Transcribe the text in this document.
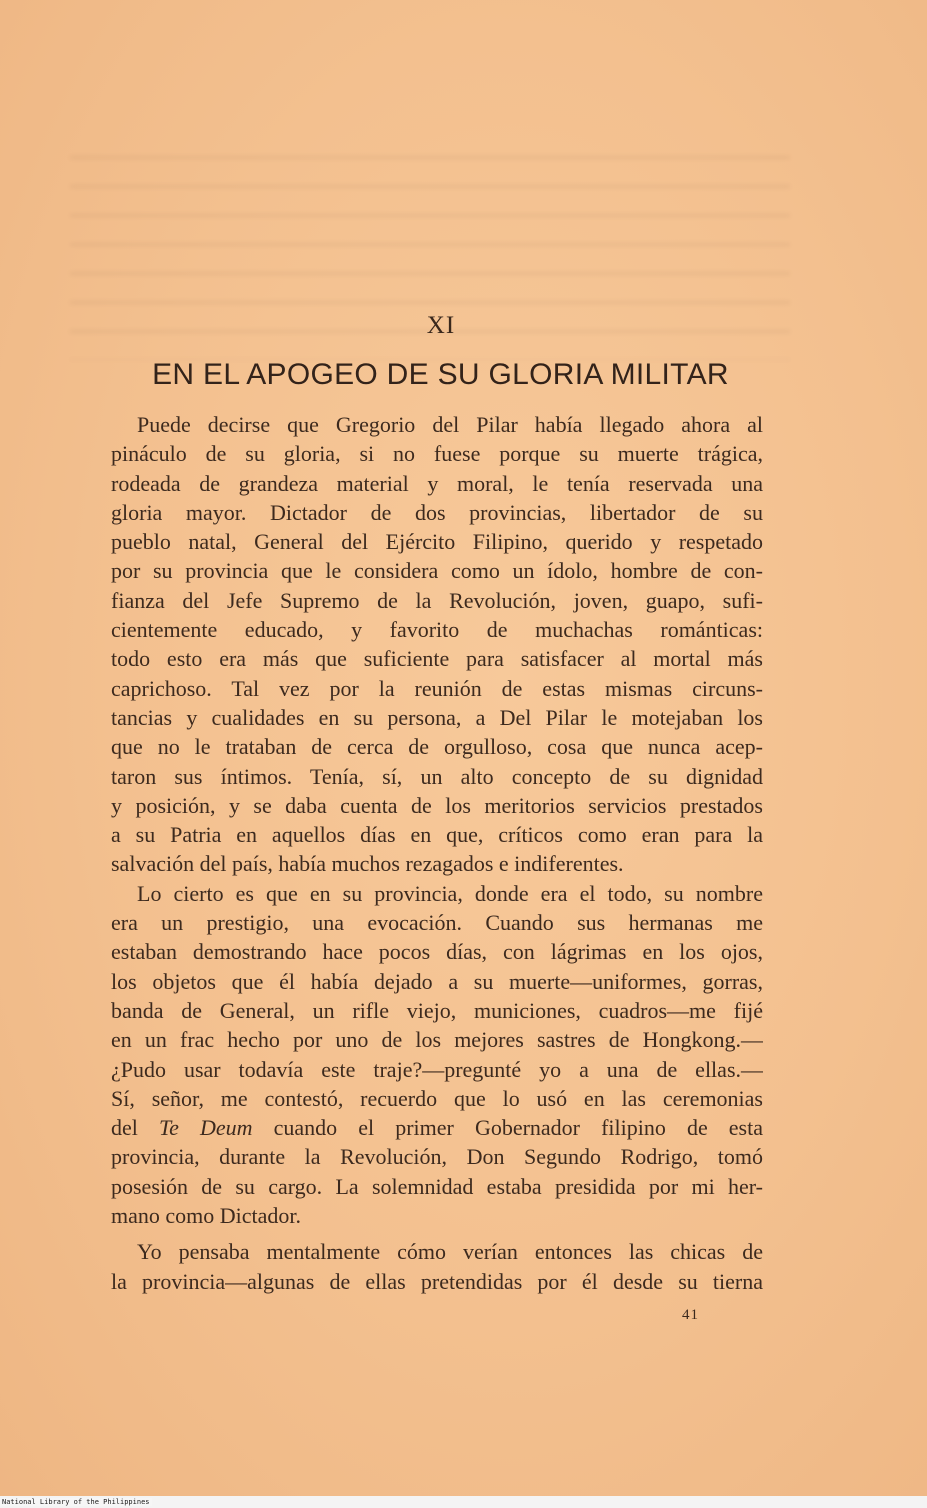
XI
EN EL APOGEO DE SU GLORIA MILITAR
Puede decirse que Gregorio del Pilar había llegado ahora al
pináculo de su gloria, si no fuese porque su muerte trágica,
rodeada de grandeza material y moral, le tenía reservada una
gloria mayor. Dictador de dos provincias, libertador de su
pueblo natal, General del Ejército Filipino, querido y respetado
por su provincia que le considera como un ídolo, hombre de con-
fianza del Jefe Supremo de la Revolución, joven, guapo, sufi-
cientemente educado, y favorito de muchachas románticas:
todo esto era más que suficiente para satisfacer al mortal más
caprichoso. Tal vez por la reunión de estas mismas circuns-
tancias y cualidades en su persona, a Del Pilar le motejaban los
que no le trataban de cerca de orgulloso, cosa que nunca acep-
taron sus íntimos. Tenía, sí, un alto concepto de su dignidad
y posición, y se daba cuenta de los meritorios servicios prestados
a su Patria en aquellos días en que, críticos como eran para la
salvación del país, había muchos rezagados e indiferentes.
Lo cierto es que en su provincia, donde era el todo, su nombre
era un prestigio, una evocación. Cuando sus hermanas me
estaban demostrando hace pocos días, con lágrimas en los ojos,
los objetos que él había dejado a su muerte—uniformes, gorras,
banda de General, un rifle viejo, municiones, cuadros—me fijé
en un frac hecho por uno de los mejores sastres de Hongkong.—
¿Pudo usar todavía este traje?—pregunté yo a una de ellas.—
Sí, señor, me contestó, recuerdo que lo usó en las ceremonias
del Te Deum cuando el primer Gobernador filipino de esta
provincia, durante la Revolución, Don Segundo Rodrigo, tomó
posesión de su cargo. La solemnidad estaba presidida por mi her-
mano como Dictador.
Yo pensaba mentalmente cómo verían entonces las chicas de
la provincia—algunas de ellas pretendidas por él desde su tierna
41
National Library of the Philippines
